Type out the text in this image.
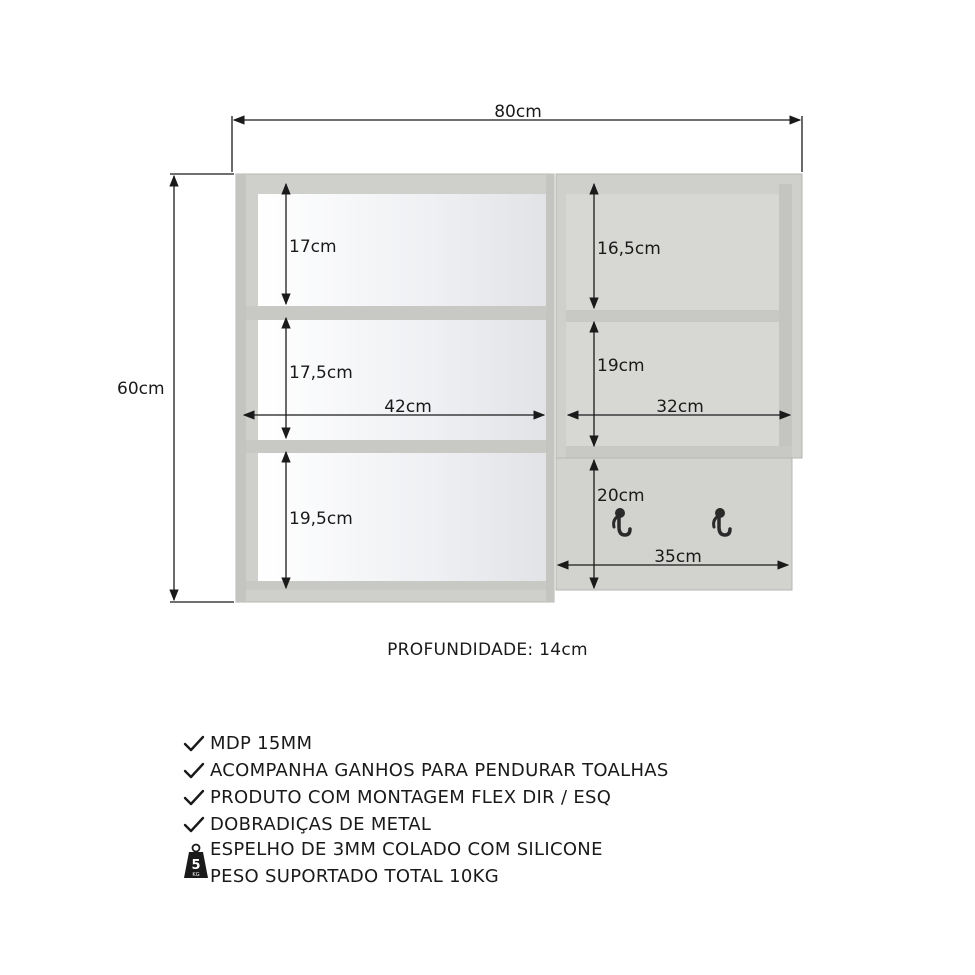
80cm
60cm
17cm
17,5cm
19,5cm
42cm
16,5cm
19cm
32cm
20cm
35cm
PROFUNDIDADE: 14cm
MDP 15MM
ACOMPANHA GANHOS PARA PENDURAR TOALHAS
PRODUTO COM MONTAGEM FLEX DIR / ESQ
DOBRADIÇAS DE METAL
5
KG
ESPELHO DE 3MM COLADO COM SILICONE
PESO SUPORTADO TOTAL 10KG
